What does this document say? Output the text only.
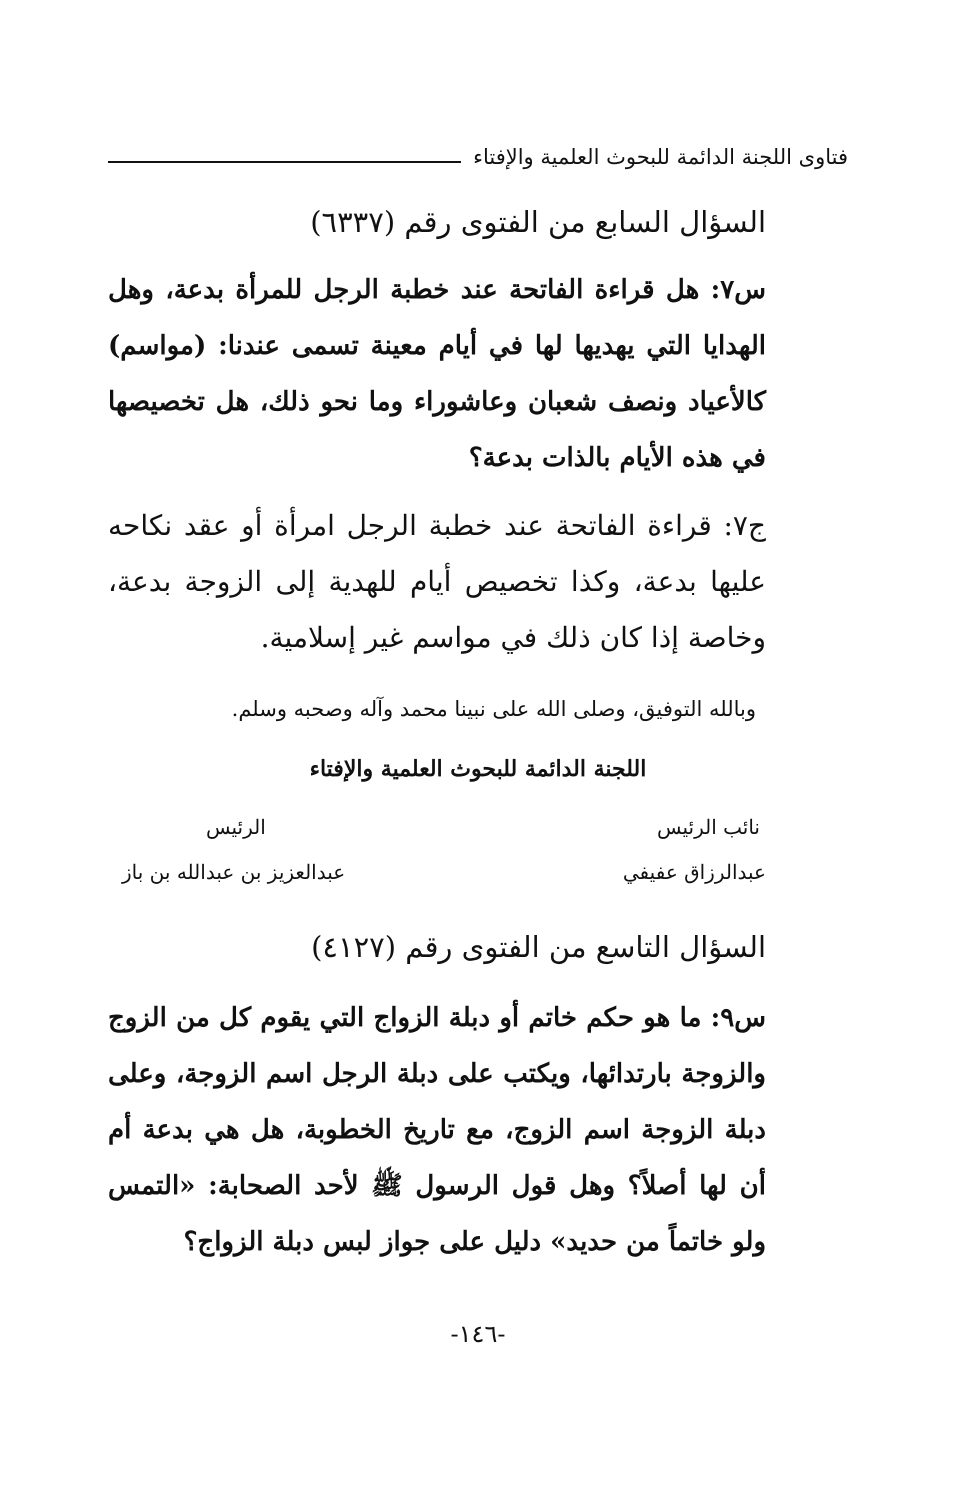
فتاوى اللجنة الدائمة للبحوث العلمية والإفتاء
السؤال السابع من الفتوى رقم (٦٣٣٧)

س٧: هل قراءة الفاتحة عند خطبة الرجل للمرأة بدعة، وهل الهدايا التي يهديها لها في أيام معينة تسمى عندنا: (مواسم) كالأعياد ونصف شعبان وعاشوراء وما نحو ذلك، هل تخصيصها في هذه الأيام بالذات بدعة؟

ج٧: قراءة الفاتحة عند خطبة الرجل امرأة أو عقد نكاحه عليها بدعة، وكذا تخصيص أيام للهدية إلى الزوجة بدعة، وخاصة إذا كان ذلك في مواسم غير إسلامية.

وبالله التوفيق، وصلى الله على نبينا محمد وآله وصحبه وسلم.
اللجنة الدائمة للبحوث العلمية والإفتاء
نائب الرئيس
عبدالرزاق عفيفي
الرئيس
عبدالعزيز بن عبدالله بن باز
السؤال التاسع من الفتوى رقم (٤١٢٧)

س٩: ما هو حكم خاتم أو دبلة الزواج التي يقوم كل من الزوج والزوجة بارتدائها، ويكتب على دبلة الرجل اسم الزوجة، وعلى دبلة الزوجة اسم الزوج، مع تاريخ الخطوبة، هل هي بدعة أم أن لها أصلاً؟ وهل قول الرسول ﷺ لأحد الصحابة: «التمس ولو خاتماً من حديد» دليل على جواز لبس دبلة الزواج؟

-١٤٦-
